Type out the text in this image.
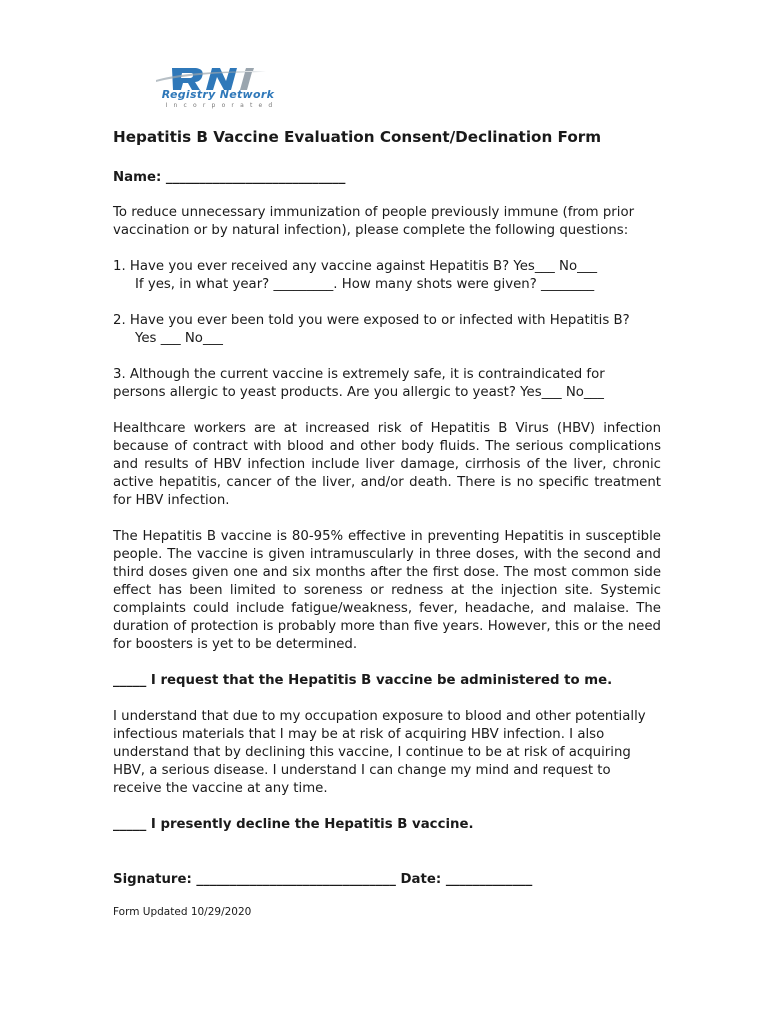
Registry Network
Incorporated
Hepatitis B Vaccine Evaluation Consent/Declination Form
Name: ___________________________
To reduce unnecessary immunization of people previously immune (from prior
vaccination or by natural infection), please complete the following questions:
1. Have you ever received any vaccine against Hepatitis B? Yes___ No___
If yes, in what year? _________. How many shots were given? ________
2. Have you ever been told you were exposed to or infected with Hepatitis B?
Yes ___ No___
3. Although the current vaccine is extremely safe, it is contraindicated for
persons allergic to yeast products. Are you allergic to yeast? Yes___ No___

Healthcare workers are at increased risk of Hepatitis B Virus (HBV) infection because of contract with blood and other body fluids. The serious complications and results of HBV infection include liver damage, cirrhosis of the liver, chronic active hepatitis, cancer of the liver, and/or death. There is no specific treatment for HBV infection.

The Hepatitis B vaccine is 80-95% effective in preventing Hepatitis in susceptible people. The vaccine is given intramuscularly in three doses, with the second and third doses given one and six months after the first dose. The most common side effect has been limited to soreness or redness at the injection site. Systemic complaints could include fatigue/weakness, fever, headache, and malaise. The duration of protection is probably more than five years. However, this or the need for boosters is yet to be determined.

_____ I request that the Hepatitis B vaccine be administered to me.
I understand that due to my occupation exposure to blood and other potentially
infectious materials that I may be at risk of acquiring HBV infection. I also
understand that by declining this vaccine, I continue to be at risk of acquiring
HBV, a serious disease. I understand I can change my mind and request to
receive the vaccine at any time.
_____ I presently decline the Hepatitis B vaccine.
Signature: ______________________________ Date: _____________
Form Updated 10/29/2020
